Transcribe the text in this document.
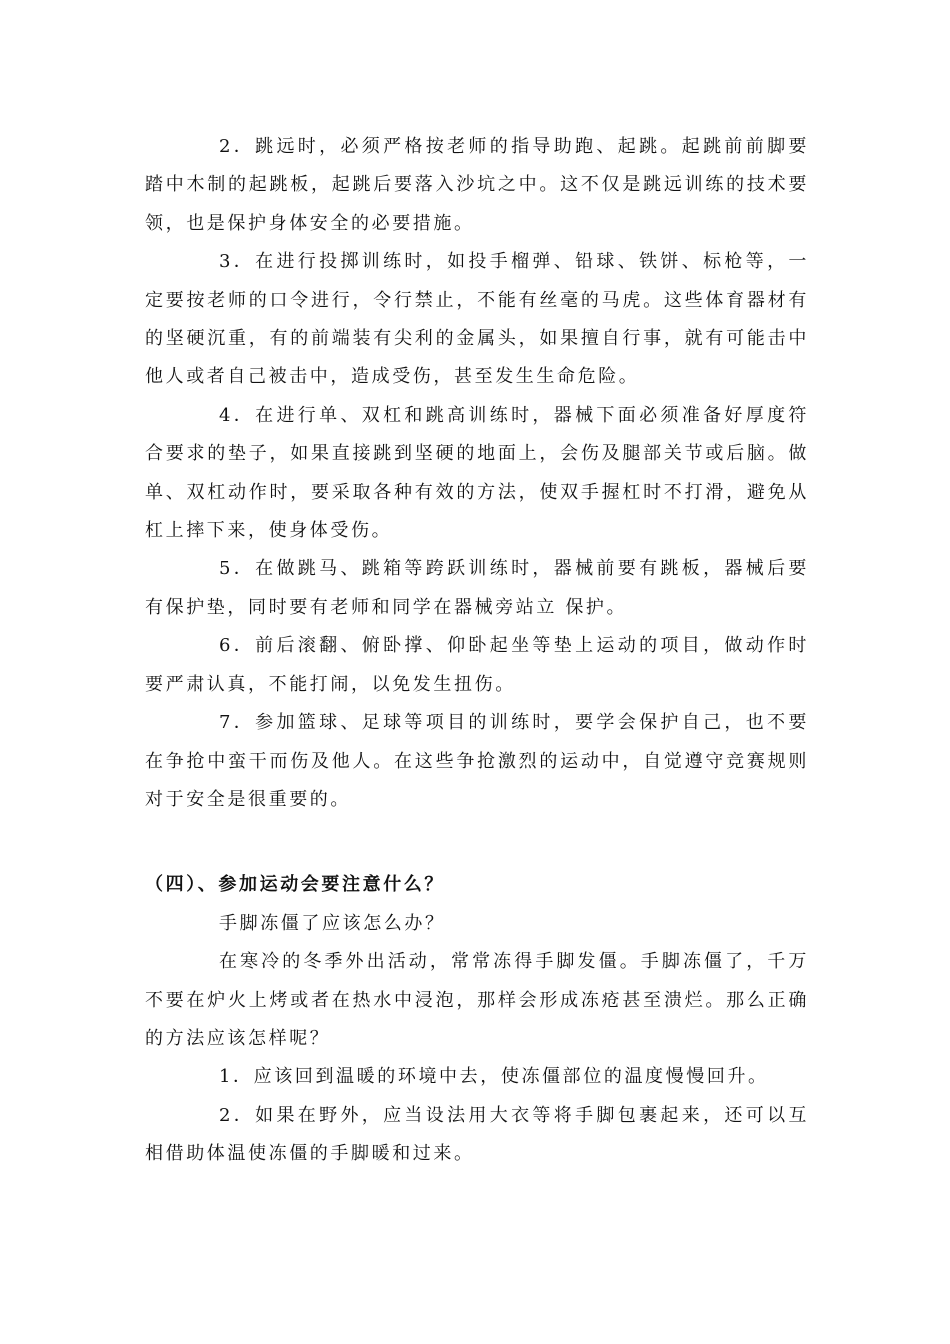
2．跳远时，必须严格按老师的指导助跑、起跳。起跳前前脚要踏中木制的起跳板，起跳后要落入沙坑之中。这不仅是跳远训练的技术要领，也是保护身体安全的必要措施。

3．在进行投掷训练时，如投手榴弹、铅球、铁饼、标枪等，一定要按老师的口令进行，令行禁止，不能有丝毫的马虎。这些体育器材有的坚硬沉重，有的前端装有尖利的金属头，如果擅自行事，就有可能击中他人或者自己被击中，造成受伤，甚至发生生命危险。

4．在进行单、双杠和跳高训练时，器械下面必须准备好厚度符合要求的垫子，如果直接跳到坚硬的地面上，会伤及腿部关节或后脑。做单、双杠动作时，要采取各种有效的方法，使双手握杠时不打滑，避免从杠上摔下来，使身体受伤。

5．在做跳马、跳箱等跨跃训练时，器械前要有跳板，器械后要有保护垫，同时要有老师和同学在器械旁站立 保护。

6．前后滚翻、俯卧撑、仰卧起坐等垫上运动的项目，做动作时要严肃认真，不能打闹，以免发生扭伤。

7．参加篮球、足球等项目的训练时，要学会保护自己，也不要在争抢中蛮干而伤及他人。在这些争抢激烈的运动中，自觉遵守竞赛规则对于安全是很重要的。

（四）、参加运动会要注意什么？

手脚冻僵了应该怎么办？

在寒冷的冬季外出活动，常常冻得手脚发僵。手脚冻僵了，千万不要在炉火上烤或者在热水中浸泡，那样会形成冻疮甚至溃烂。那么正确的方法应该怎样呢？

1．应该回到温暖的环境中去，使冻僵部位的温度慢慢回升。

2．如果在野外，应当设法用大衣等将手脚包裹起来，还可以互相借助体温使冻僵的手脚暖和过来。
